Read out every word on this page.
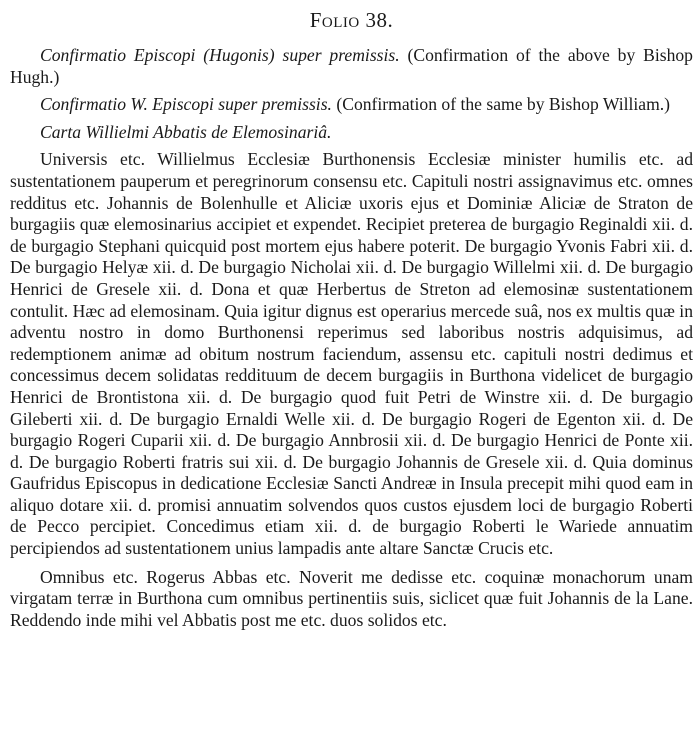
Folio 38.

Confirmatio Episcopi (Hugonis) super premissis. (Confirmation of the above by Bishop Hugh.)

Confirmatio W. Episcopi super premissis. (Confirmation of the same by Bishop William.)

Carta Willielmi Abbatis de Elemosinariâ.

Universis etc. Willielmus Ecclesiæ Burthonensis Ecclesiæ minister humilis etc. ad sustentationem pauperum et peregrinorum consensu etc. Capituli nostri assignavimus etc. omnes redditus etc. Johannis de Bolenhulle et Aliciæ uxoris ejus et Dominiæ Aliciæ de Straton de burgagiis quæ elemosinarius accipiet et expendet. Recipiet preterea de burgagio Reginaldi xii. d. de burgagio Stephani quicquid post mortem ejus habere poterit. De burgagio Yvonis Fabri xii. d. De burgagio Helyæ xii. d. De burgagio Nicholai xii. d. De burgagio Willelmi xii. d. De burgagio Henrici de Gresele xii. d. Dona et quæ Herbertus de Streton ad elemosinæ sustentationem contulit. Hæc ad elemosinam. Quia igitur dignus est operarius mercede suâ, nos ex multis quæ in adventu nostro in domo Burthonensi reperimus sed laboribus nostris adquisimus, ad redemptionem animæ ad obitum nostrum faciendum, assensu etc. capituli nostri dedimus et concessimus decem solidatas reddituum de decem burgagiis in Burthona videlicet de burgagio Henrici de Brontistona xii. d. De burgagio quod fuit Petri de Winstre xii. d. De burgagio Gileberti xii. d. De burgagio Ernaldi Welle xii. d. De burgagio Rogeri de Egenton xii. d. De burgagio Rogeri Cuparii xii. d. De burgagio Annbrosii xii. d. De burgagio Henrici de Ponte xii. d. De burgagio Roberti fratris sui xii. d. De burgagio Johannis de Gresele xii. d. Quia dominus Gaufridus Episcopus in dedicatione Ecclesiæ Sancti Andreæ in Insula precepit mihi quod eam in aliquo dotare xii. d. promisi annuatim solvendos quos custos ejusdem loci de burgagio Roberti de Pecco percipiet. Concedimus etiam xii. d. de burgagio Roberti le Wariede annuatim percipiendos ad sustentationem unius lampadis ante altare Sanctæ Crucis etc.

Omnibus etc. Rogerus Abbas etc. Noverit me dedisse etc. coquinæ monachorum unam virgatam terræ in Burthona cum omnibus pertinentiis suis, siclicet quæ fuit Johannis de la Lane. Reddendo inde mihi vel Abbatis post me etc. duos solidos etc.
